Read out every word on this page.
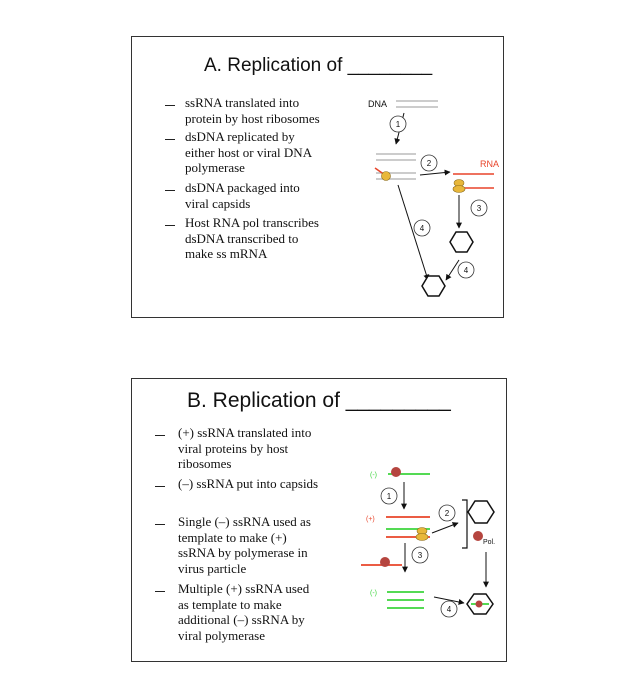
A. Replication of ________
ssRNA translated into
protein by host ribosomes
dsDNA replicated by
either host or viral DNA
polymerase
dsDNA packaged into
viral capsids
Host RNA pol transcribes
dsDNA transcribed to
make ss mRNA
DNA
1
2	RNA
3
4
4
B. Replication of _________
(+) ssRNA translated into
viral proteins by host
ribosomes
(–) ssRNA put into capsids
Single (–) ssRNA used as
template to make (+)
ssRNA by polymerase in
virus particle
Multiple (+) ssRNA used
as template to make
additional (–) ssRNA by
viral polymerase
(-)
1
(+)
2
Pol.
3
(-)
4
